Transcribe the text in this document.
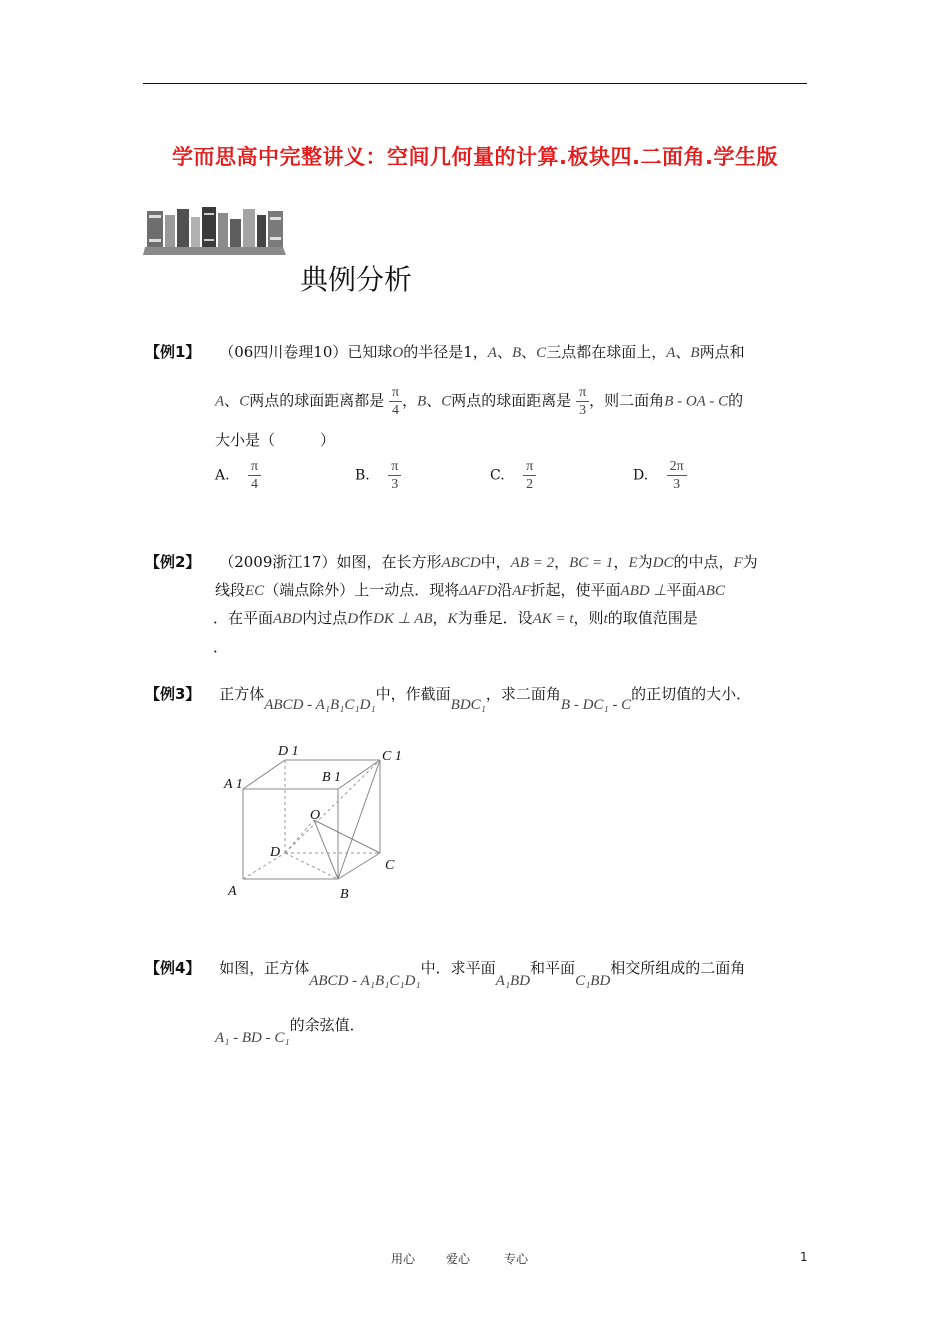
学而思高中完整讲义：空间几何量的计算.板块四.二面角.学生版
典例分析
【例1】 （06四川卷理10）已知球O的半径是1，A、B、C三点都在球面上，A、B两点和
A、C两点的球面距离都是 $\frac{\pi}{4}$ ，B、C两点的球面距离是 $\frac{\pi}{3}$ ，则二面角B - OA - C的
大小是（　　　）
A. $\frac{\pi}{4}$	B. $\frac{\pi}{3}$	C. $\frac{\pi}{2}$	D. $\frac{2\pi}{3}$
【例2】 （2009浙江17）如图，在长方形ABCD中，AB = 2，BC = 1，E为DC的中点，F为
线段EC（端点除外）上一动点．现将ΔAFD沿AF折起，使平面ABD ⊥平面ABC
．在平面ABD内过点D作DK ⊥ AB，K为垂足．设AK = t，则t的取值范围是
．
【例3】 正方体ABCD - A₁B₁C₁D₁中，作截面BDC₁，求二面角B - DC₁ - C的正切值的大小．
D 1	C 1
A 1	B 1
O
D
C
A	B
【例4】 如图，正方体ABCD - A₁B₁C₁D₁中．求平面A₁BD和平面C₁BD相交所组成的二面角
A₁ - BD - C₁的余弦值．
用心	爱心	专心	1
